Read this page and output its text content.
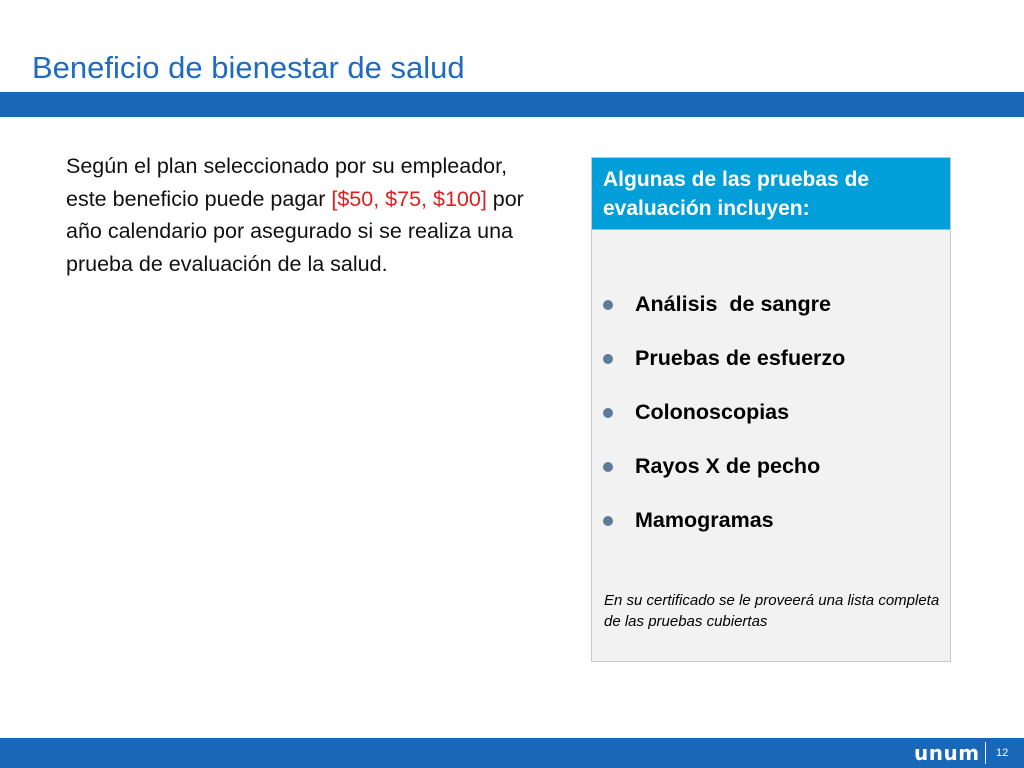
Beneficio de bienestar de salud

Según el plan seleccionado por su empleador, este beneficio puede pagar [$50, $75, $100] por año calendario por asegurado si se realiza una prueba de evaluación de la salud.

Algunas de las pruebas de evaluación incluyen:

Análisis  de sangre
Pruebas de esfuerzo
Colonoscopias
Rayos X de pecho
Mamogramas

En su certificado se le proveerá una lista completa de las pruebas cubiertas

unum 12
